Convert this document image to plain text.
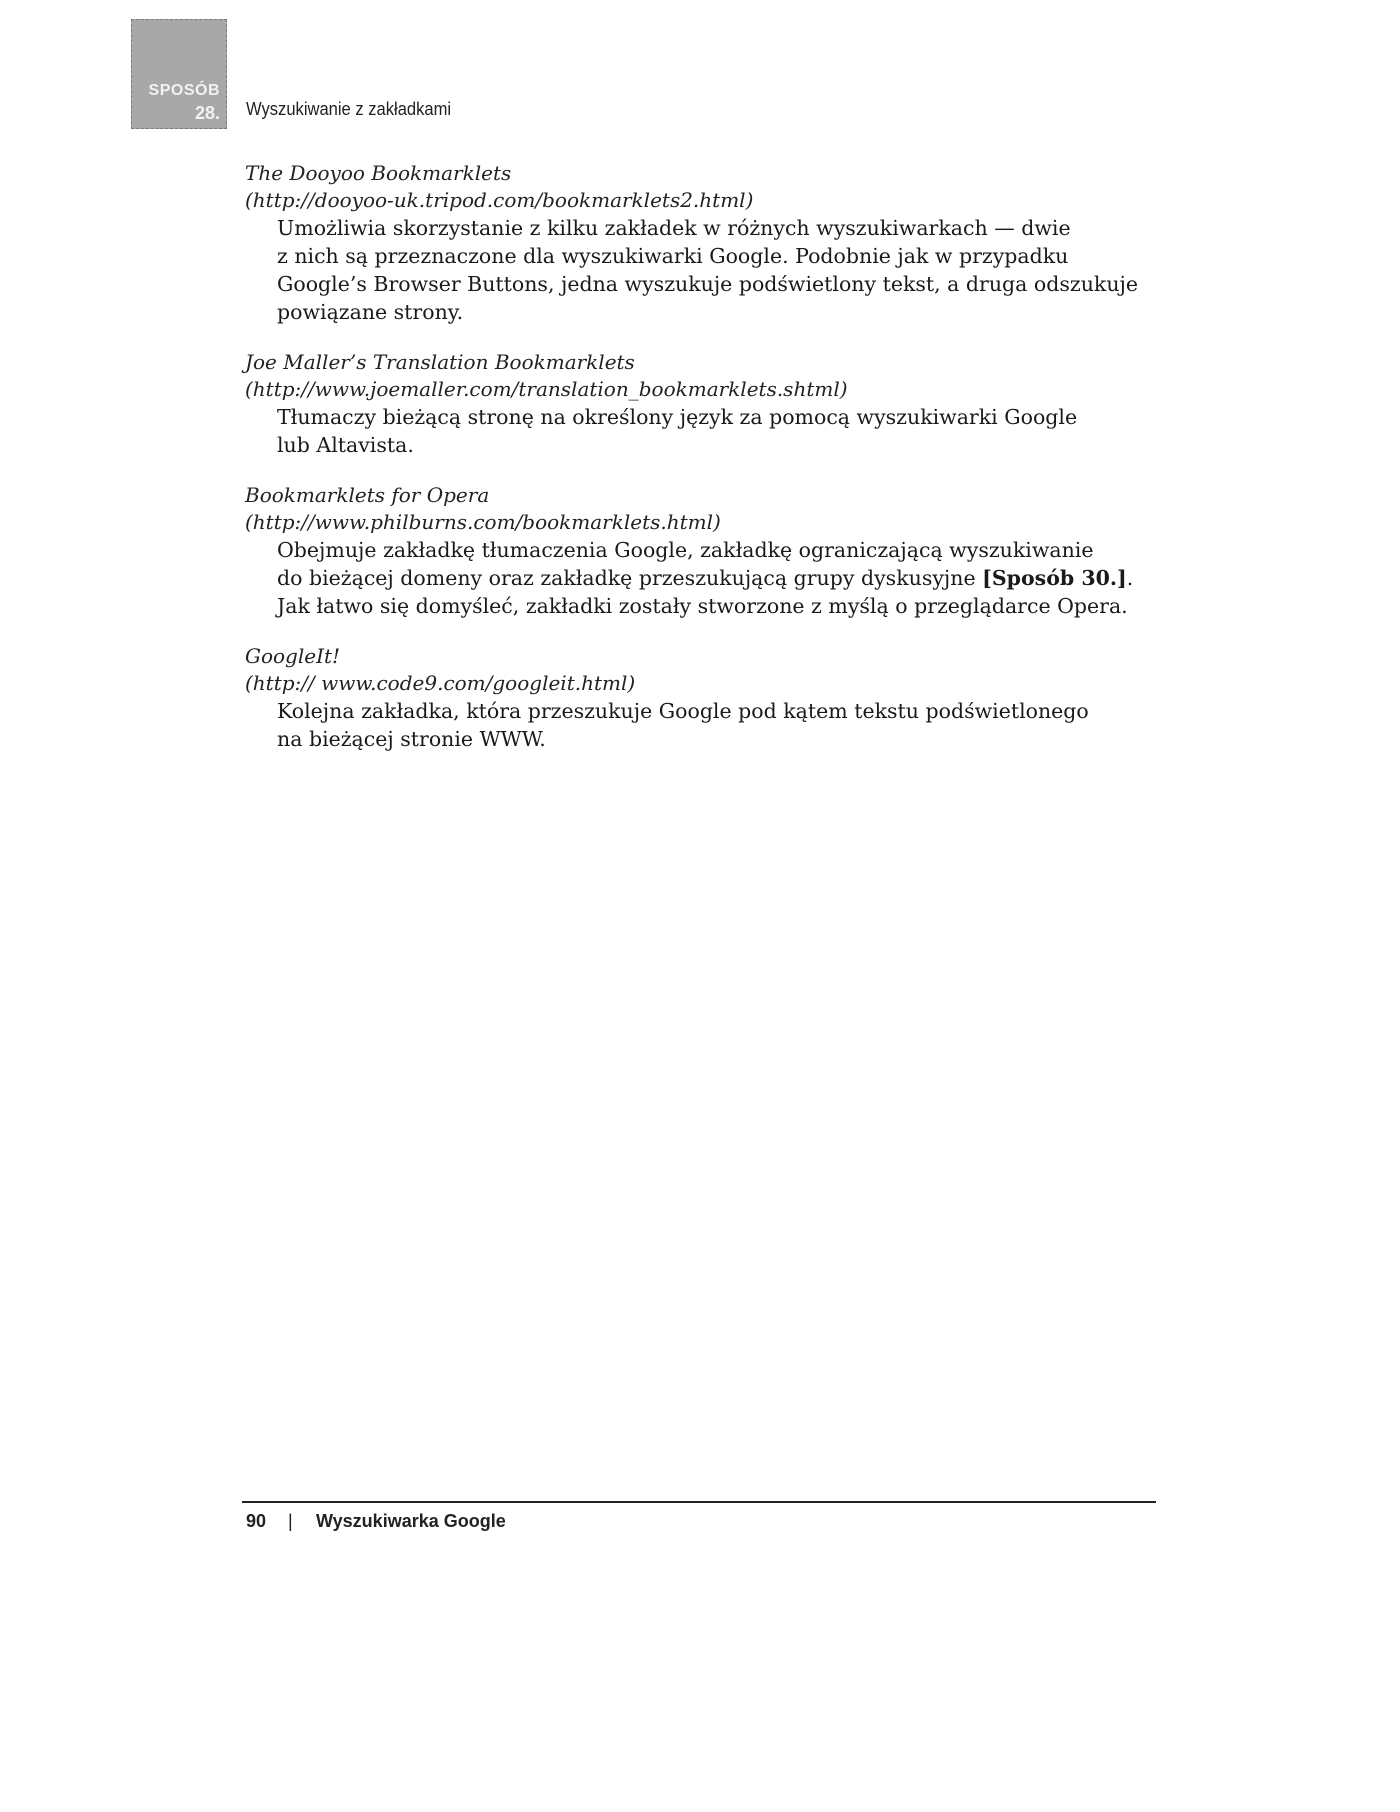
SPOSÓB
28. Wyszukiwanie z zakładkami
The Dooyoo Bookmarklets
(http://dooyoo-uk.tripod.com/bookmarklets2.html)
Umożliwia skorzystanie z kilku zakładek w różnych wyszukiwarkach — dwie
z nich są przeznaczone dla wyszukiwarki Google. Podobnie jak w przypadku
Google’s Browser Buttons, jedna wyszukuje podświetlony tekst, a druga odszukuje
powiązane strony.
Joe Maller’s Translation Bookmarklets
(http://www.joemaller.com/translation_bookmarklets.shtml)
Tłumaczy bieżącą stronę na określony język za pomocą wyszukiwarki Google
lub Altavista.
Bookmarklets for Opera
(http://www.philburns.com/bookmarklets.html)
Obejmuje zakładkę tłumaczenia Google, zakładkę ograniczającą wyszukiwanie
do bieżącej domeny oraz zakładkę przeszukującą grupy dyskusyjne [Sposób 30.].
Jak łatwo się domyśleć, zakładki zostały stworzone z myślą o przeglądarce Opera.
GoogleIt!
(http:// www.code9.com/googleit.html)
Kolejna zakładka, która przeszukuje Google pod kątem tekstu podświetlonego
na bieżącej stronie WWW.
90 | Wyszukiwarka Google
